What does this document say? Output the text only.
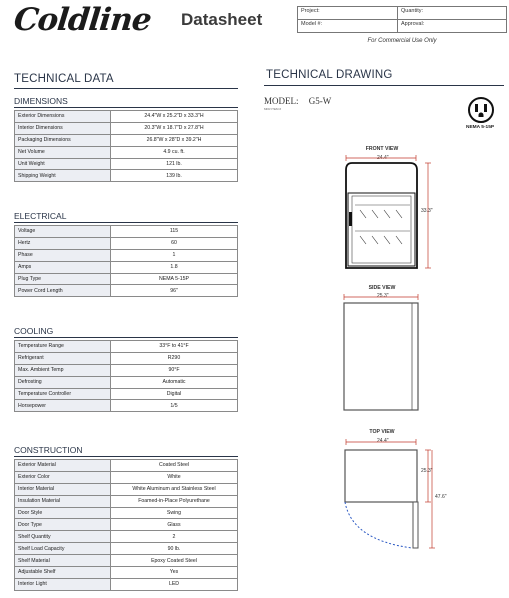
Coldline Datasheet	Project:	Quantity:
Model #:	Approval:
For Commercial Use Only
TECHNICAL DATA	TECHNICAL DRAWING
DIMENSIONS
Exterior Dimensions	24.4"W x 25.2"D x 33.3"H
Interior Dimensions	20.3"W x 18.7"D x 27.8"H
Packaging Dimensions	26.8"W x 28"D x 39.2"H
Net Volume	4.9 cu. ft.
Unit Weight	121 lb.
Shipping Weight	139 lb.
ELECTRICAL
Voltage	115
Hertz	60
Phase	1
Amps	1.8
Plug Type	NEMA 5-15P
Power Cord Length	96"
COOLING
Temperature Range	33°F to 41°F
Refrigerant	R290
Max. Ambient Temp	90°F
Defrosting	Automatic
Temperature Controller	Digital
Horsepower	1/5
CONSTRUCTION
Exterior Material	Coated Steel
Exterior Color	White
Interior Material	White Aluminum and Stainless Steel
Insulation Material	Foamed-in-Place Polyurethane
Door Style	Swing
Door Type	Glass
Shelf Quantity	2
Shelf Load Capacity	90 lb.
Shelf Material	Epoxy Coated Steel
Adjustable Shelf	Yes
Interior Light	LED
MODEL: G5-W
MFR ITEM #
NEMA 5-15P
FRONT VIEW
24.4"
33.3"
SIDE VIEW
25.3"
TOP VIEW
24.4"
25.3"
47.6"
